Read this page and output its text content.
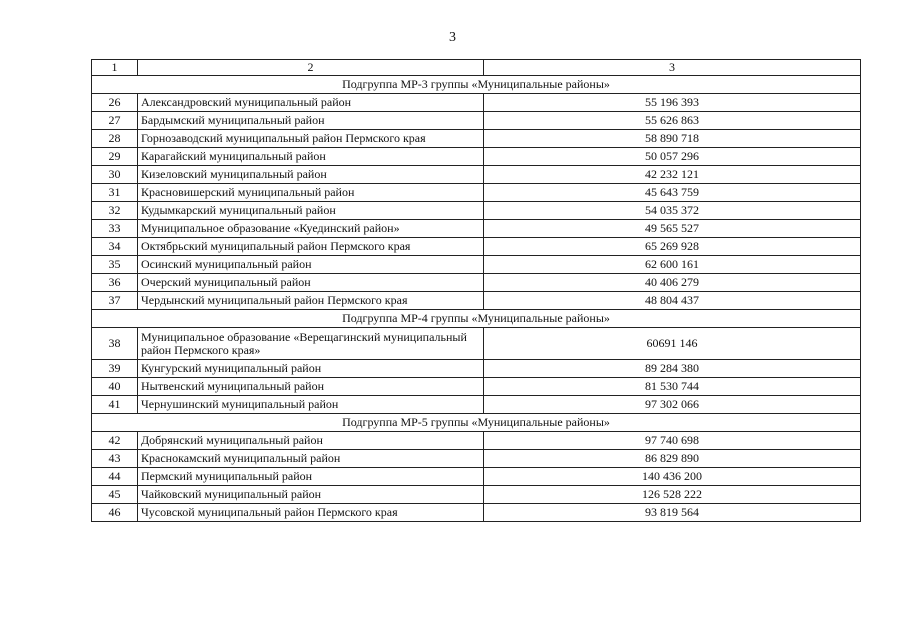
3
1	2	3
Подгруппа МР-3 группы «Муниципальные районы»		
26	Александровский муниципальный район	55 196 393
27	Бардымский муниципальный район	55 626 863
28	Горнозаводский муниципальный район Пермского края	58 890 718
29	Карагайский муниципальный район	50 057 296
30	Кизеловский муниципальный район	42 232 121
31	Красновишерский муниципальный район	45 643 759
32	Кудымкарский муниципальный район	54 035 372
33	Муниципальное образование «Куединский район»	49 565 527
34	Октябрьский муниципальный район Пермского края	65 269 928
35	Осинский муниципальный район	62 600 161
36	Очерский муниципальный район	40 406 279
37	Чердынский муниципальный район Пермского края	48 804 437
Подгруппа МР-4 группы «Муниципальные районы»		
38	Муниципальное образование «Верещагинский муниципальный район Пермского края»	60691 146
39	Кунгурский муниципальный район	89 284 380
40	Нытвенский муниципальный район	81 530 744
41	Чернушинский муниципальный район	97 302 066
Подгруппа МР-5 группы «Муниципальные районы»		
42	Добрянский муниципальный район	97 740 698
43	Краснокамский муниципальный район	86 829 890
44	Пермский муниципальный район	140 436 200
45	Чайковский муниципальный район	126 528 222
46	Чусовской муниципальный район Пермского края	93 819 564
